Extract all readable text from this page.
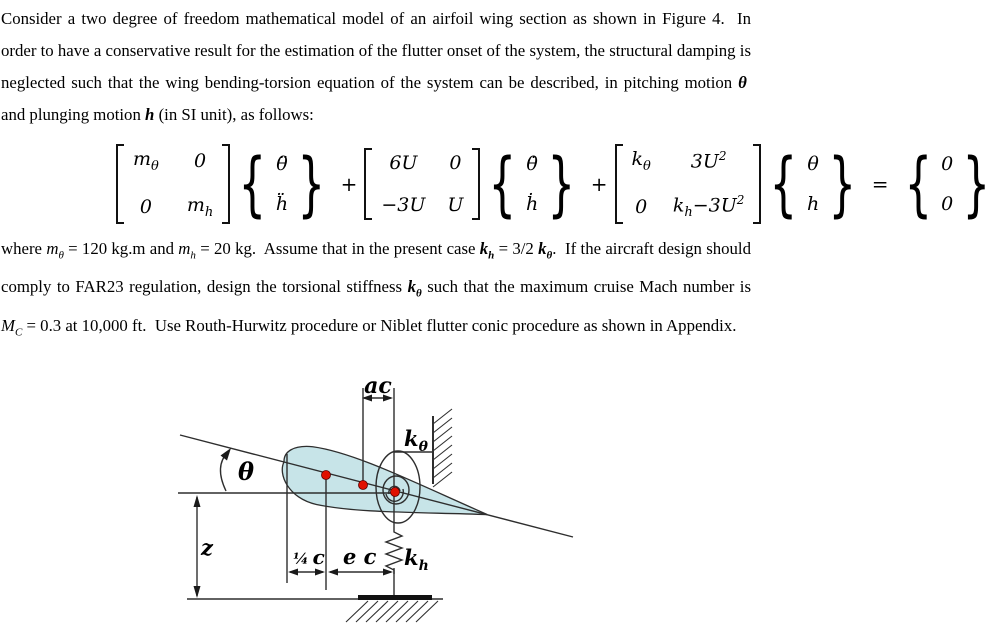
Consider a two degree of freedom mathematical model of an airfoil wing section as shown in Figure 4.  In order to have a conservative result for the estimation of the flutter onset of the system, the structural damping is neglected such that the wing bending-torsion equation of the system can be described, in pitching motion θ  and plunging motion h (in SI unit), as follows:

$m_\theta$ 0
0 $m_h$ { θ̈
ḧ } +
6U 0
−3U U { θ̇
ḣ } +
$k_\theta$ $3U^2$
0 $k_h-3U^2$ { θ
h } = { 0
0 }

where $m_\theta = 120$ kg.m and $m_h = 20$ kg.  Assume that in the present case $k_h = 3/2$ $k_\theta$.  If the aircraft design should comply to FAR23 regulation, design the torsional stiffness $k_\theta$ such that the maximum cruise Mach number is $M_C = 0.3$ at 10,000 ft.  Use Routh-Hurwitz procedure or Niblet flutter conic procedure as shown in Appendix.

ac
θ
z
$k_\theta$
$k_h$
¼ c e c
